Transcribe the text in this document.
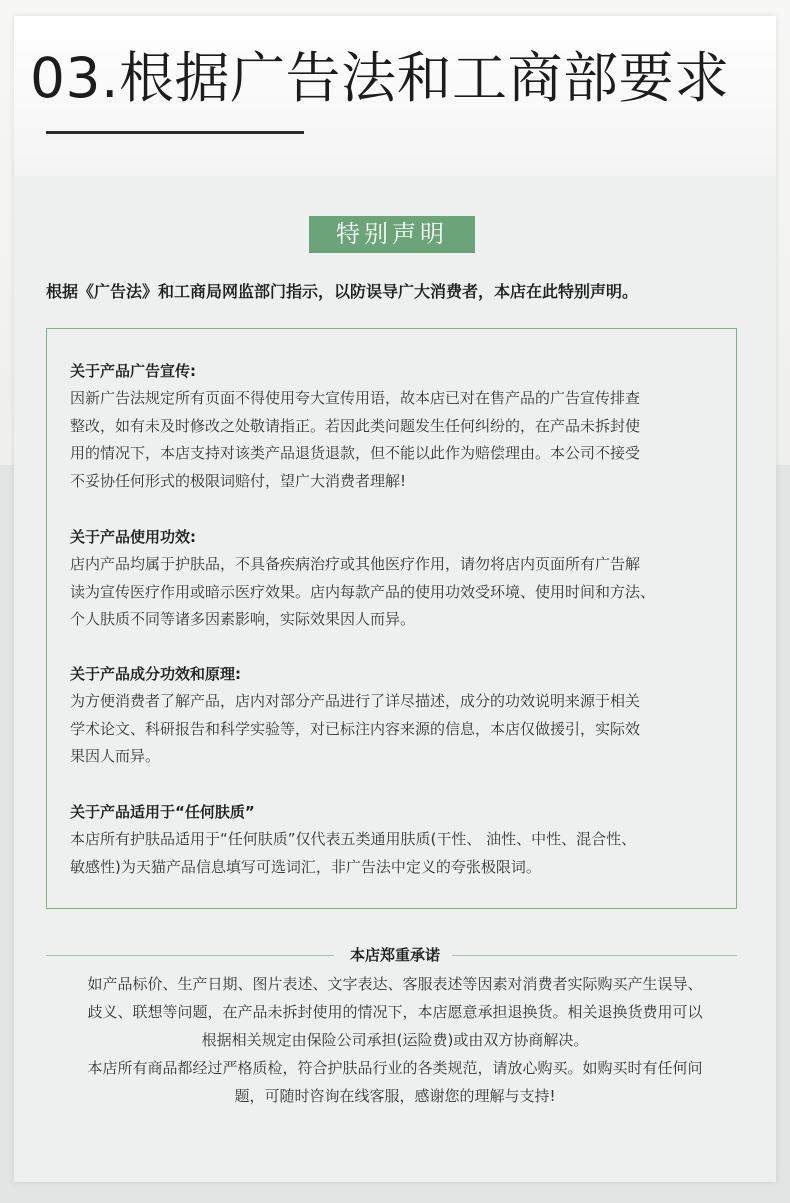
03.根据广告法和工商部要求
特别声明
根据《广告法》和工商局网监部门指示，以防误导广大消费者，本店在此特别声明。
关于产品广告宣传:
因新广告法规定所有页面不得使用夸大宣传用语，故本店已对在售产品的广告宣传排查
整改，如有未及时修改之处敬请指正。若因此类问题发生任何纠纷的，在产品未拆封使
用的情况下，本店支持对该类产品退货退款，但不能以此作为赔偿理由。本公司不接受
不妥协任何形式的极限词赔付，望广大消费者理解!
关于产品使用功效:
店内产品均属于护肤品，不具备疾病治疗或其他医疗作用，请勿将店内页面所有广告解
读为宣传医疗作用或暗示医疗效果。店内每款产品的使用功效受环境、使用时间和方法、
个人肤质不同等诸多因素影响，实际效果因人而异。
关于产品成分功效和原理:
为方便消费者了解产品，店内对部分产品进行了详尽描述，成分的功效说明来源于相关
学术论文、科研报告和科学实验等，对已标注内容来源的信息，本店仅做援引，实际效
果因人而异。
关于产品适用于“任何肤质”
本店所有护肤品适用于“任何肤质”仅代表五类通用肤质(干性、 油性、中性、混合性、
敏感性)为天猫产品信息填写可选词汇，非广告法中定义的夸张极限词。
本店郑重承诺
如产品标价、生产日期、图片表述、文字表达、客服表述等因素对消费者实际购买产生误导、
歧义、联想等问题，在产品未拆封使用的情况下，本店愿意承担退换货。相关退换货费用可以
根据相关规定由保险公司承担(运险费)或由双方协商解决。
本店所有商品都经过严格质检，符合护肤品行业的各类规范，请放心购买。如购买时有任何问
题，可随时咨询在线客服，感谢您的理解与支持!
